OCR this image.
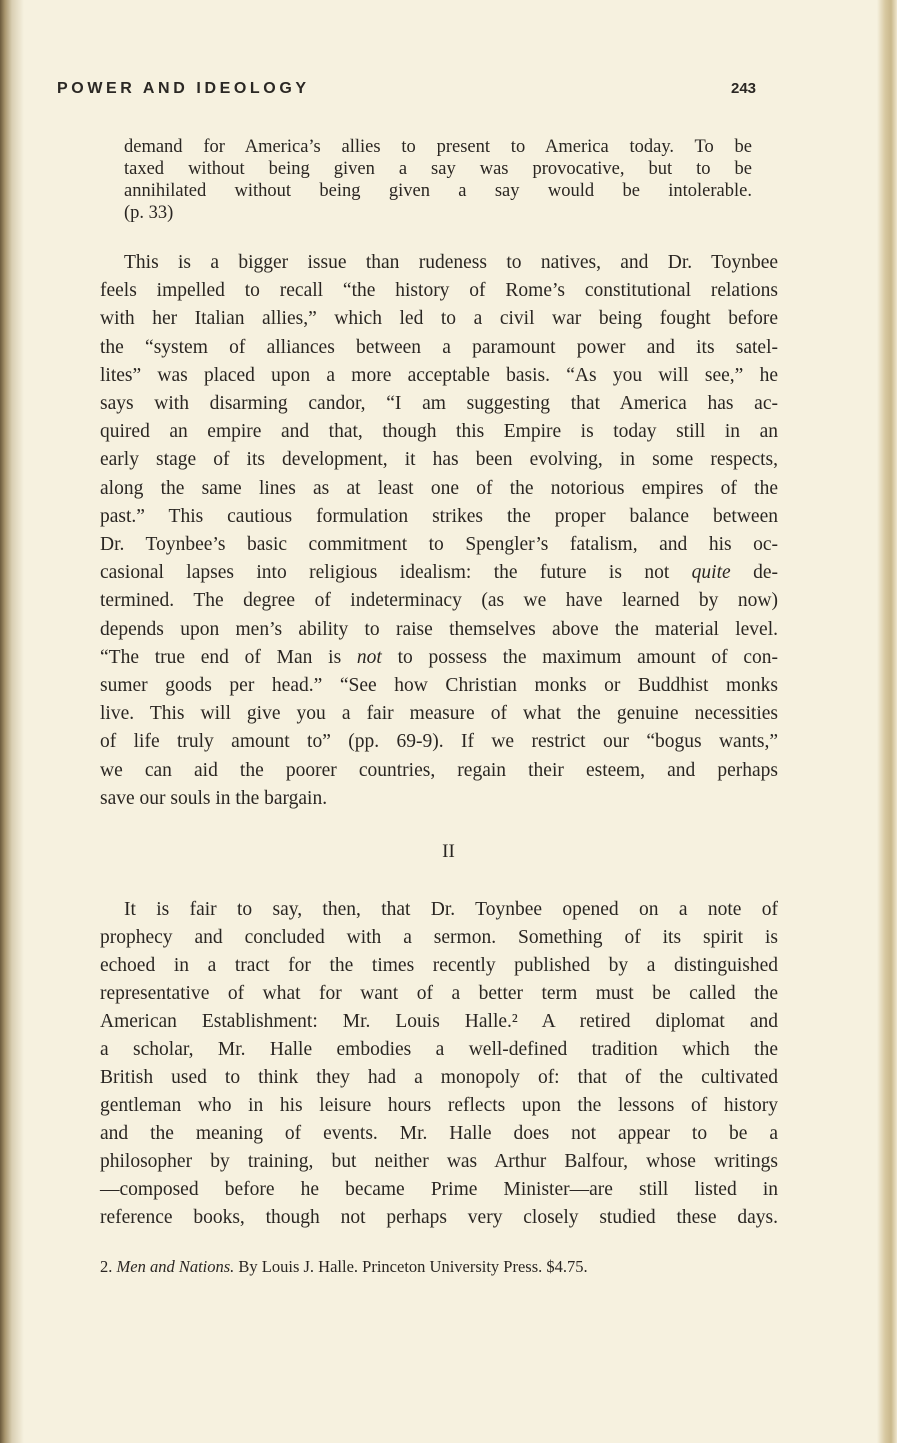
POWER AND IDEOLOGY	243
demand for America’s allies to present to America today. To be
taxed without being given a say was provocative, but to be
annihilated without being given a say would be intolerable.
(p. 33)
This is a bigger issue than rudeness to natives, and Dr. Toynbee
feels impelled to recall “the history of Rome’s constitutional relations
with her Italian allies,” which led to a civil war being fought before
the “system of alliances between a paramount power and its satel-
lites” was placed upon a more acceptable basis. “As you will see,” he
says with disarming candor, “I am suggesting that America has ac-
quired an empire and that, though this Empire is today still in an
early stage of its development, it has been evolving, in some respects,
along the same lines as at least one of the notorious empires of the
past.” This cautious formulation strikes the proper balance between
Dr. Toynbee’s basic commitment to Spengler’s fatalism, and his oc-
casional lapses into religious idealism: the future is not quite de-
termined. The degree of indeterminacy (as we have learned by now)
depends upon men’s ability to raise themselves above the material level.
“The true end of Man is not to possess the maximum amount of con-
sumer goods per head.” “See how Christian monks or Buddhist monks
live. This will give you a fair measure of what the genuine necessities
of life truly amount to” (pp. 69-9). If we restrict our “bogus wants,”
we can aid the poorer countries, regain their esteem, and perhaps
save our souls in the bargain.
II
It is fair to say, then, that Dr. Toynbee opened on a note of
prophecy and concluded with a sermon. Something of its spirit is
echoed in a tract for the times recently published by a distinguished
representative of what for want of a better term must be called the
American Establishment: Mr. Louis Halle.² A retired diplomat and
a scholar, Mr. Halle embodies a well-defined tradition which the
British used to think they had a monopoly of: that of the cultivated
gentleman who in his leisure hours reflects upon the lessons of history
and the meaning of events. Mr. Halle does not appear to be a
philosopher by training, but neither was Arthur Balfour, whose writings
—composed before he became Prime Minister—are still listed in
reference books, though not perhaps very closely studied these days.
2. Men and Nations. By Louis J. Halle. Princeton University Press. $4.75.
